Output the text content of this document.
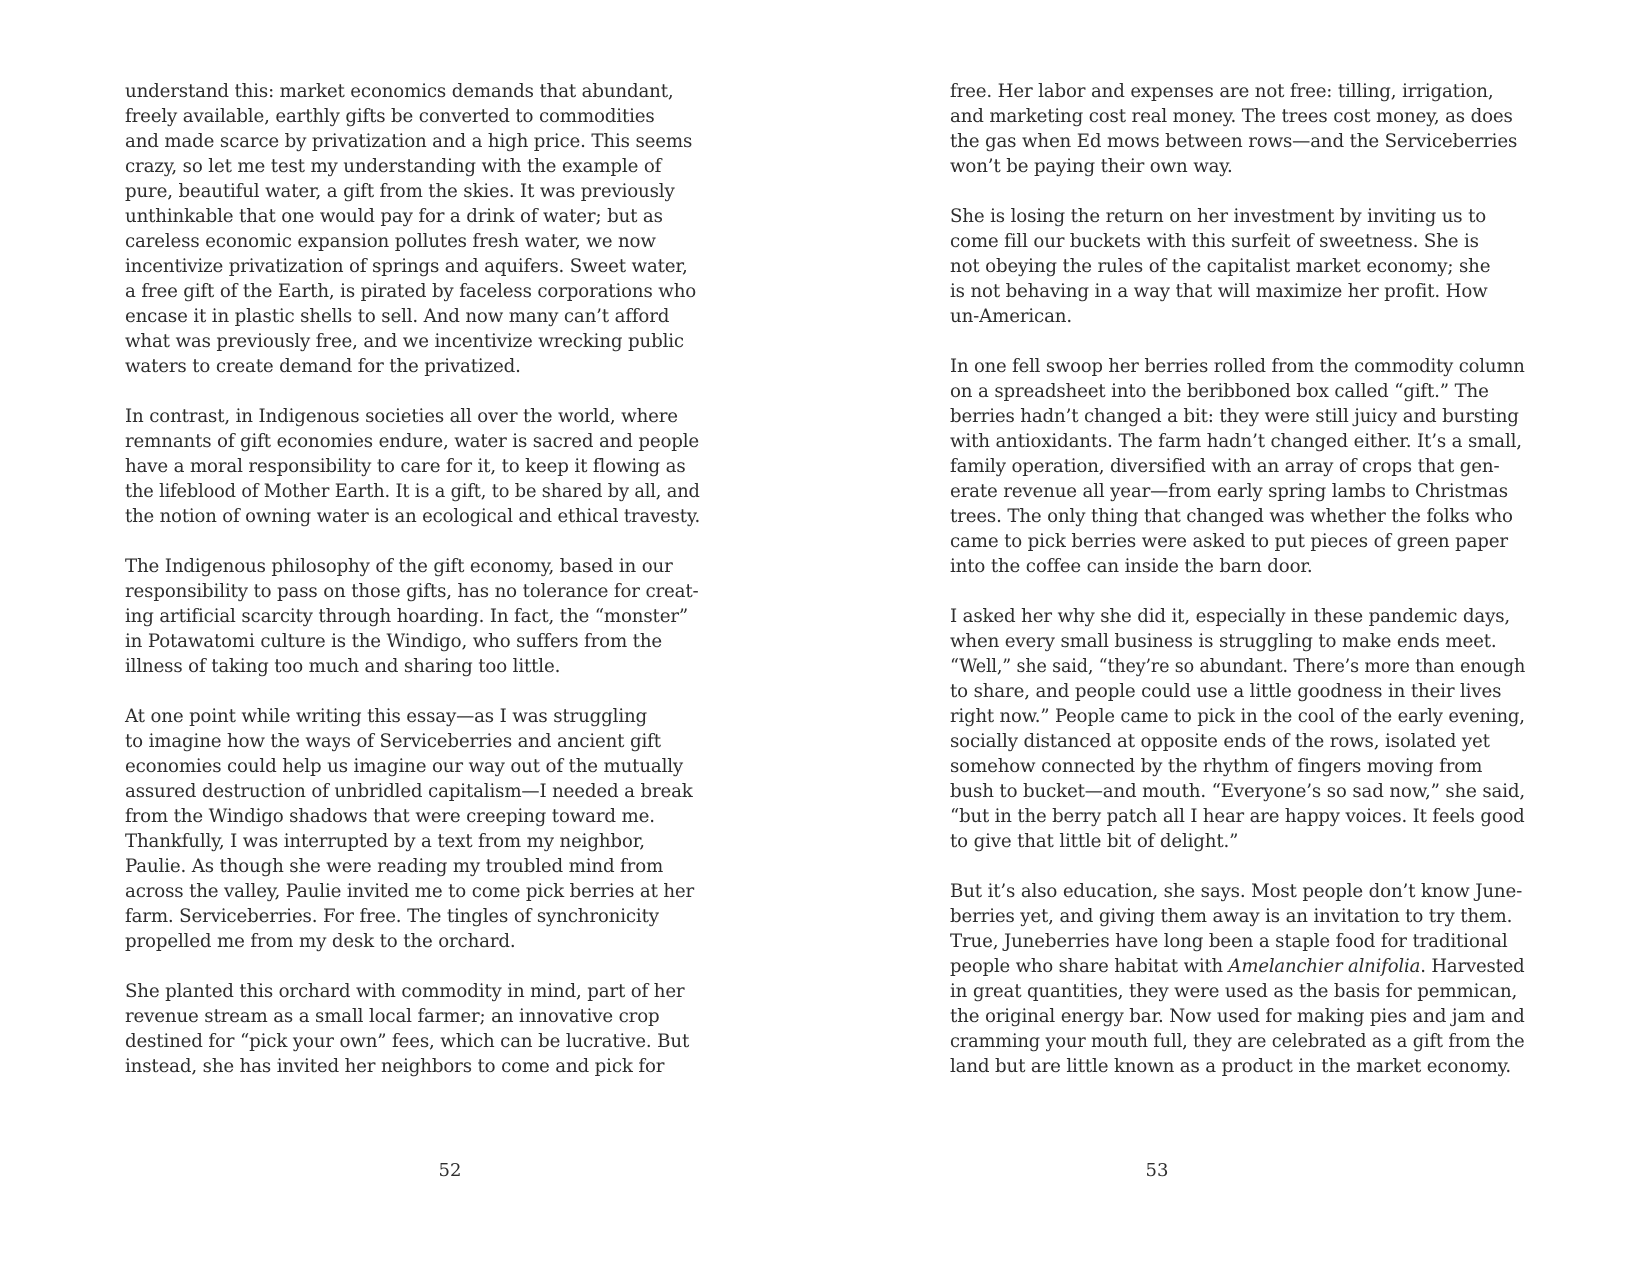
understand this: market economics demands that abundant,
freely available, earthly gifts be converted to commodities
and made scarce by privatization and a high price. This seems
crazy, so let me test my understanding with the example of
pure, beautiful water, a gift from the skies. It was previously
unthinkable that one would pay for a drink of water; but as
careless economic expansion pollutes fresh water, we now
incentivize privatization of springs and aquifers. Sweet water,
a free gift of the Earth, is pirated by faceless corporations who
encase it in plastic shells to sell. And now many can’t afford
what was previously free, and we incentivize wrecking public
waters to create demand for the privatized.

In contrast, in Indigenous societies all over the world, where
remnants of gift economies endure, water is sacred and people
have a moral responsibility to care for it, to keep it flowing as
the lifeblood of Mother Earth. It is a gift, to be shared by all, and
the notion of owning water is an ecological and ethical travesty.

The Indigenous philosophy of the gift economy, based in our
responsibility to pass on those gifts, has no tolerance for creat-
ing artificial scarcity through hoarding. In fact, the “monster”
in Potawatomi culture is the Windigo, who suffers from the
illness of taking too much and sharing too little.

At one point while writing this essay—as I was struggling
to imagine how the ways of Serviceberries and ancient gift
economies could help us imagine our way out of the mutually
assured destruction of unbridled capitalism—I needed a break
from the Windigo shadows that were creeping toward me.
Thankfully, I was interrupted by a text from my neighbor,
Paulie. As though she were reading my troubled mind from
across the valley, Paulie invited me to come pick berries at her
farm. Serviceberries. For free. The tingles of synchronicity
propelled me from my desk to the orchard.

She planted this orchard with commodity in mind, part of her
revenue stream as a small local farmer; an innovative crop
destined for “pick your own” fees, which can be lucrative. But
instead, she has invited her neighbors to come and pick for

52

free. Her labor and expenses are not free: tilling, irrigation,
and marketing cost real money. The trees cost money, as does
the gas when Ed mows between rows—and the Serviceberries
won’t be paying their own way.

She is losing the return on her investment by inviting us to
come fill our buckets with this surfeit of sweetness. She is
not obeying the rules of the capitalist market economy; she
is not behaving in a way that will maximize her profit. How
un-American.

In one fell swoop her berries rolled from the commodity column
on a spreadsheet into the beribboned box called “gift.” The
berries hadn’t changed a bit: they were still juicy and bursting
with antioxidants. The farm hadn’t changed either. It’s a small,
family operation, diversified with an array of crops that gen-
erate revenue all year—from early spring lambs to Christmas
trees. The only thing that changed was whether the folks who
came to pick berries were asked to put pieces of green paper
into the coffee can inside the barn door.

I asked her why she did it, especially in these pandemic days,
when every small business is struggling to make ends meet.
“Well,” she said, “they’re so abundant. There’s more than enough
to share, and people could use a little goodness in their lives
right now.” People came to pick in the cool of the early evening,
socially distanced at opposite ends of the rows, isolated yet
somehow connected by the rhythm of fingers moving from
bush to bucket—and mouth. “Everyone’s so sad now,” she said,
“but in the berry patch all I hear are happy voices. It feels good
to give that little bit of delight.”

But it’s also education, she says. Most people don’t know June-
berries yet, and giving them away is an invitation to try them.
True, Juneberries have long been a staple food for traditional
people who share habitat with Amelanchier alnifolia. Harvested
in great quantities, they were used as the basis for pemmican,
the original energy bar. Now used for making pies and jam and
cramming your mouth full, they are celebrated as a gift from the
land but are little known as a product in the market economy.

53
